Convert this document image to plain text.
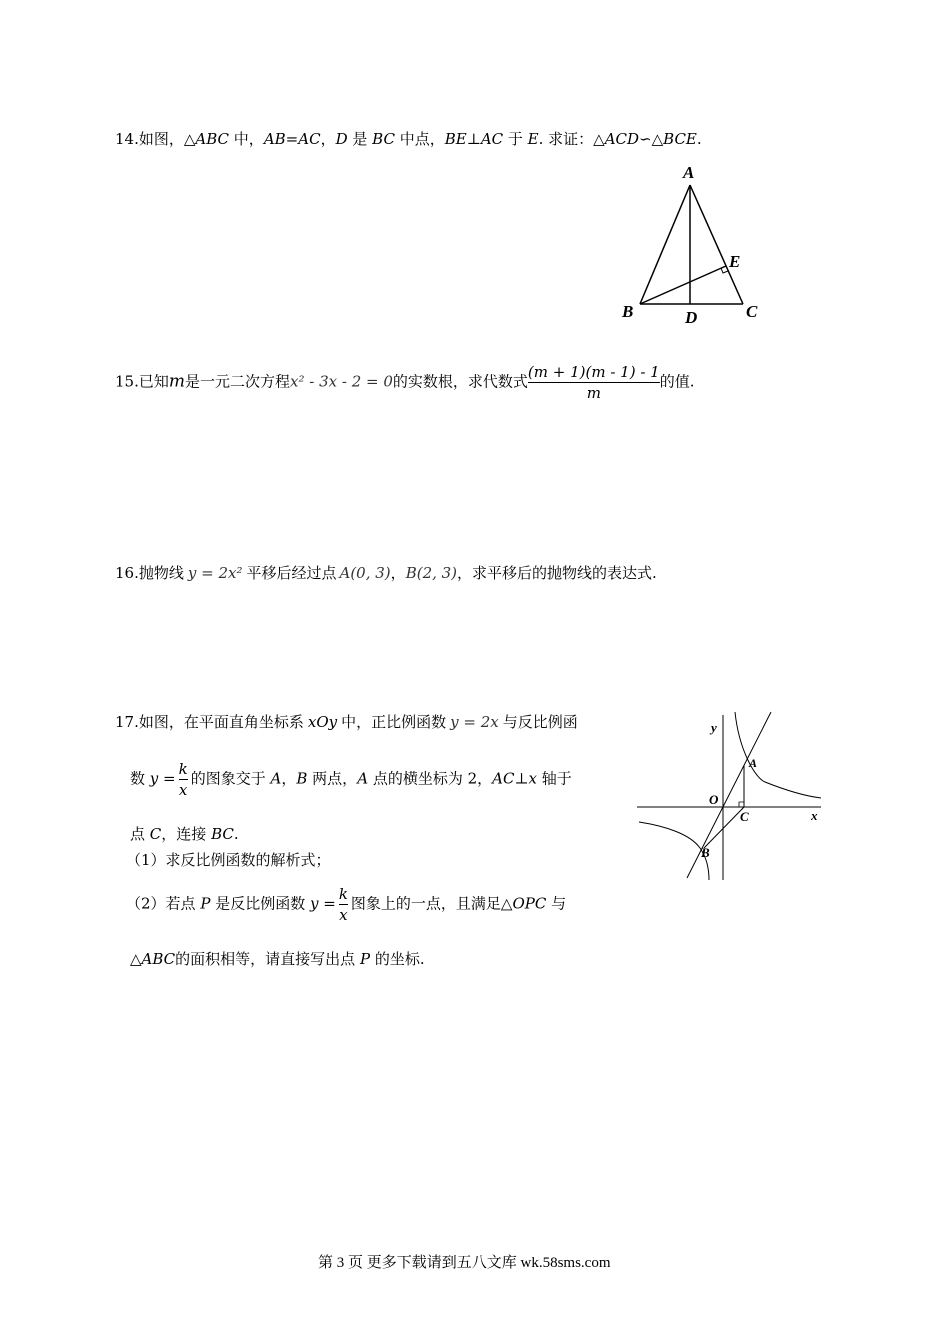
14.如图，△ABC 中，AB=AC，D 是 BC 中点，BE⊥AC 于 E. 求证：△ACD∽△BCE.
A
B	C
D
E
15.已知m是一元二次方程x² - 3x - 2 = 0的实数根，求代数式 $\frac{(m + 1)(m - 1) - 1}{m}$ 的值.
16.抛物线 y = 2x² 平移后经过点 A(0, 3)，B(2, 3)，求平移后的抛物线的表达式.
17.如图，在平面直角坐标系 xOy 中，正比例函数 y = 2x 与反比例函
数 $y = \frac{k}{x}$ 的图象交于 A，B 两点，A 点的横坐标为 2，AC⊥x 轴于
点 C，连接 BC.
（1）求反比例函数的解析式；
（2）若点 P 是反比例函数 $y = \frac{k}{x}$ 图象上的一点，且满足△OPC 与
△ABC的面积相等，请直接写出点 P 的坐标.
y
x
O
A
C
B
第 3 页 更多下载请到五八文库 wk.58sms.com
